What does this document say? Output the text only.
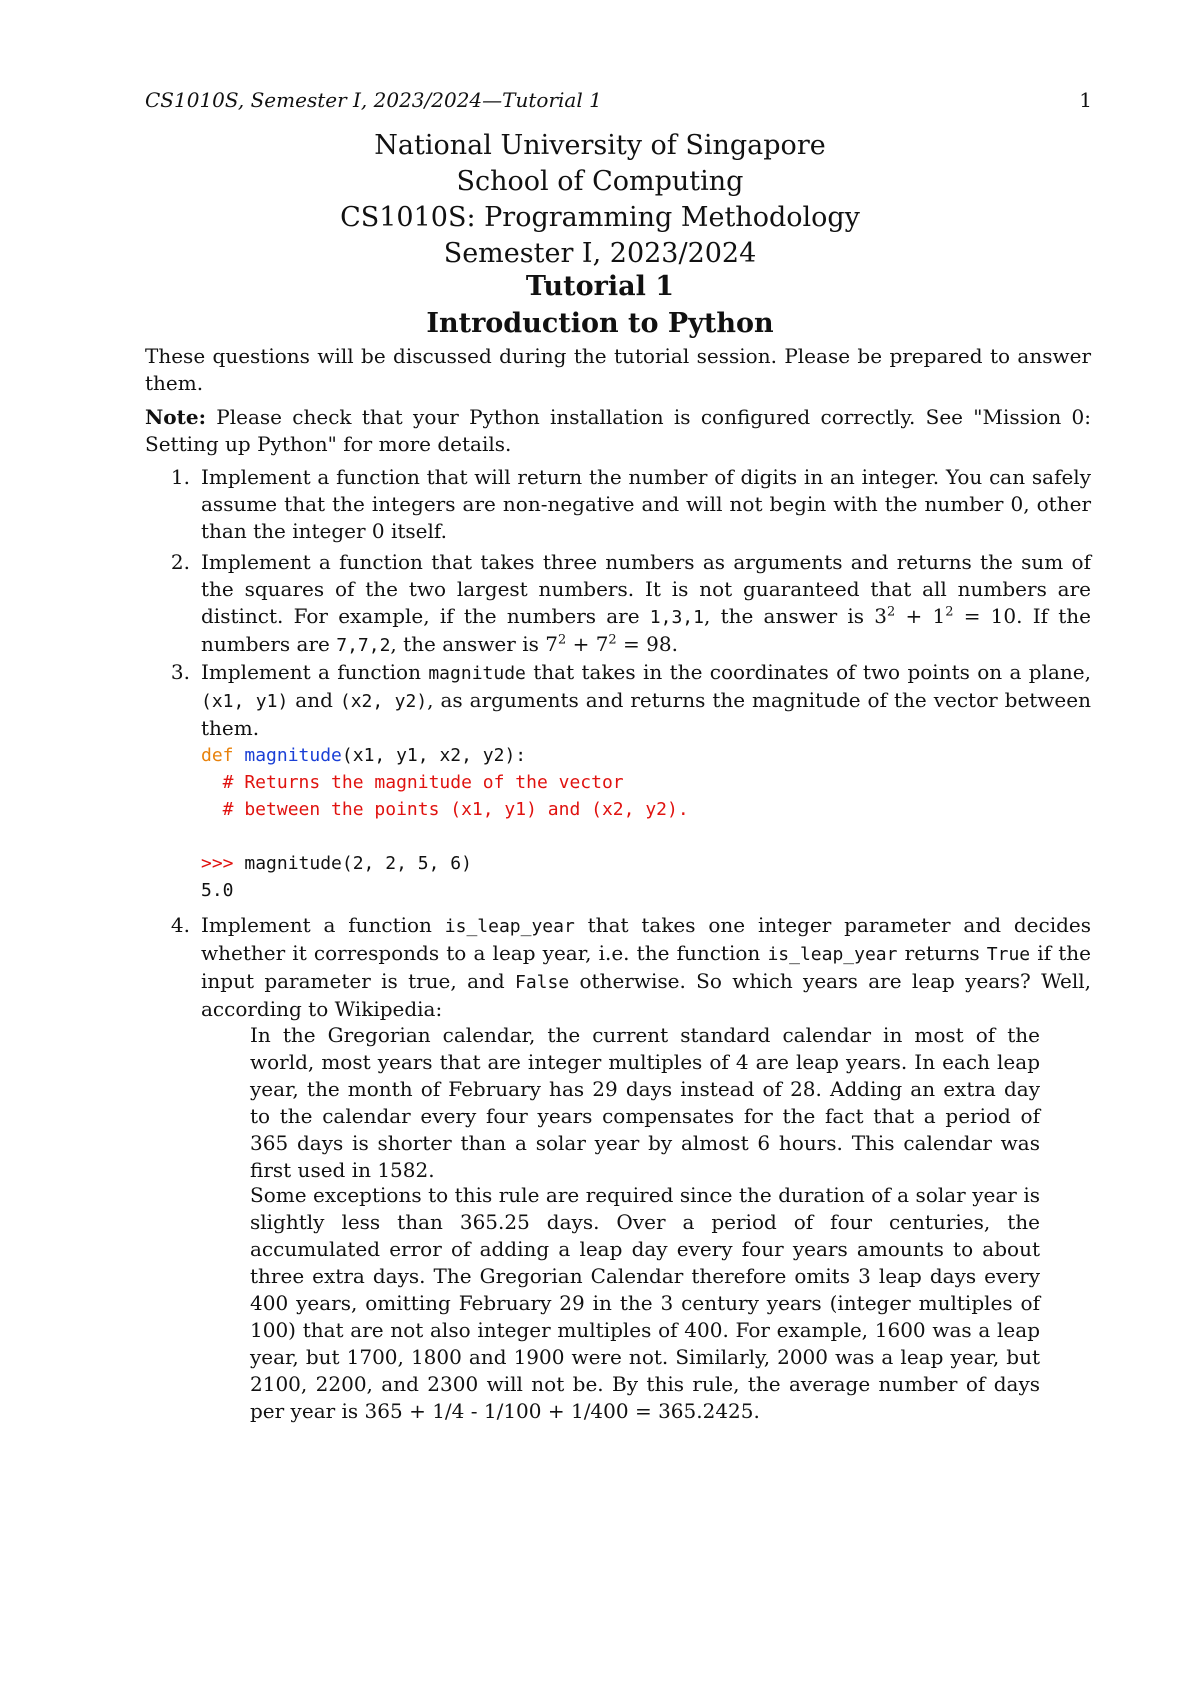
CS1010S, Semester I, 2023/2024—Tutorial 1	1
National University of Singapore
School of Computing
CS1010S: Programming Methodology
Semester I, 2023/2024
Tutorial 1
Introduction to Python

These questions will be discussed during the tutorial session. Please be prepared to answer them.

Note: Please check that your Python installation is configured correctly. See "Mission 0: Setting up Python" for more details.

1. Implement a function that will return the number of digits in an integer. You can safely assume that the integers are non-negative and will not begin with the number 0, other than the integer 0 itself.
2. Implement a function that takes three numbers as arguments and returns the sum of the squares of the two largest numbers. It is not guaranteed that all numbers are distinct. For example, if the numbers are 1,3,1, the answer is $3^2 + 1^2 = 10$. If the numbers are 7,7,2, the answer is $7^2 + 7^2 = 98$.
3. Implement a function magnitude that takes in the coordinates of two points on a plane, (x1, y1) and (x2, y2), as arguments and returns the magnitude of the vector between them.
def magnitude(x1, y1, x2, y2):
# Returns the magnitude of the vector
# between the points (x1, y1) and (x2, y2).

>>> magnitude(2, 2, 5, 6)
5.0
4. Implement a function is_leap_year that takes one integer parameter and decides whether it corresponds to a leap year, i.e. the function is_leap_year returns True if the input parameter is true, and False otherwise. So which years are leap years? Well, according to Wikipedia:

In the Gregorian calendar, the current standard calendar in most of the world, most years that are integer multiples of 4 are leap years. In each leap year, the month of February has 29 days instead of 28. Adding an extra day to the calendar every four years compensates for the fact that a period of 365 days is shorter than a solar year by almost 6 hours. This calendar was first used in 1582.

Some exceptions to this rule are required since the duration of a solar year is slightly less than 365.25 days. Over a period of four centuries, the accumulated error of adding a leap day every four years amounts to about three extra days. The Gregorian Calendar therefore omits 3 leap days every 400 years, omitting February 29 in the 3 century years (integer multiples of 100) that are not also integer multiples of 400. For example, 1600 was a leap year, but 1700, 1800 and 1900 were not. Similarly, 2000 was a leap year, but 2100, 2200, and 2300 will not be. By this rule, the average number of days per year is 365 + 1/4 - 1/100 + 1/400 = 365.2425.
